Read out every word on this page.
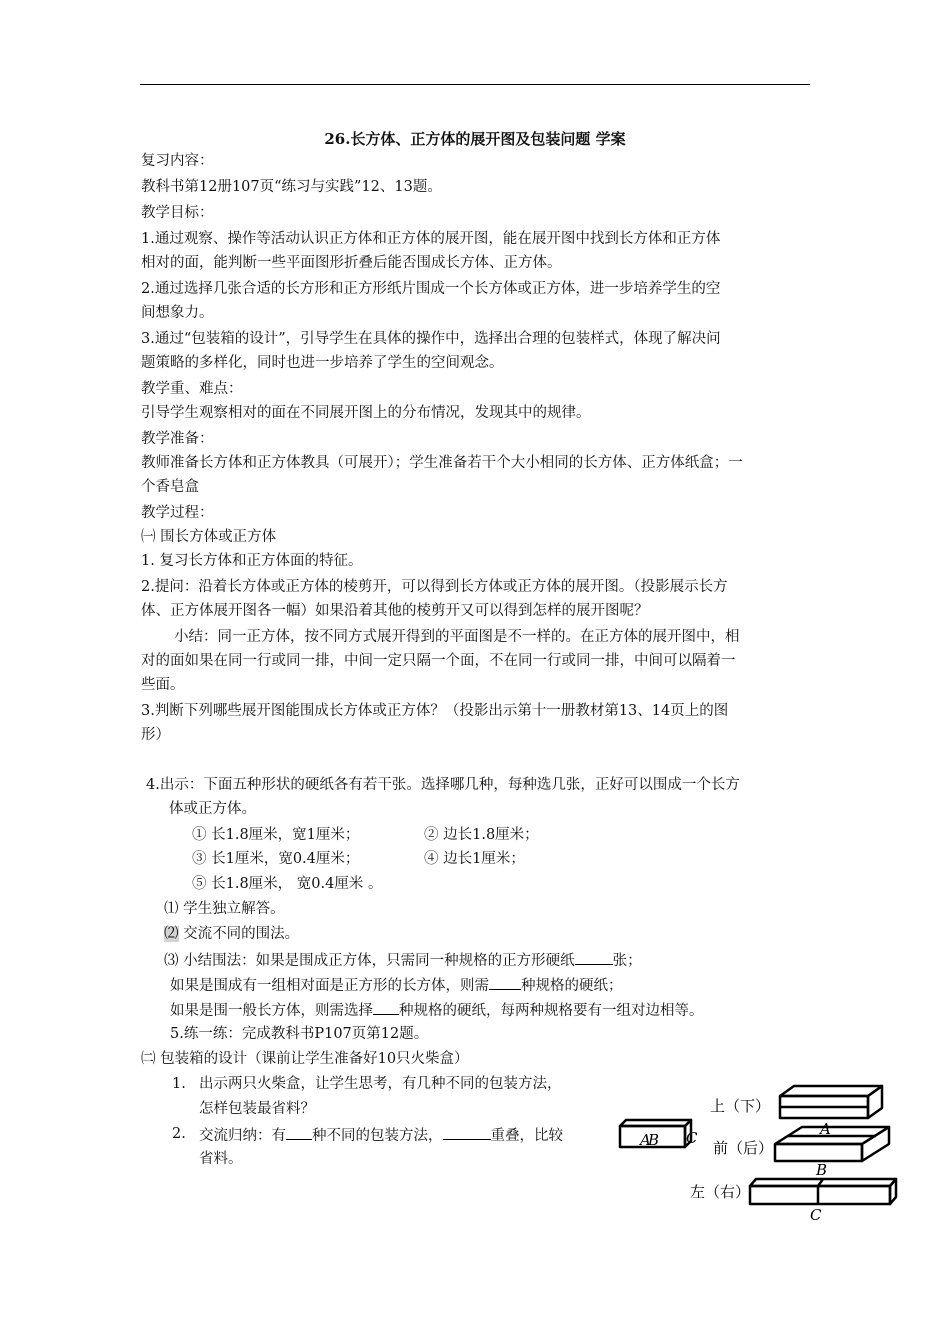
26.长方体、正方体的展开图及包装问题 学案
复习内容：
教科书第12册107页“练习与实践”12、13题。
教学目标：
1.通过观察、操作等活动认识正方体和正方体的展开图，能在展开图中找到长方体和正方体
相对的面，能判断一些平面图形折叠后能否围成长方体、正方体。
2.通过选择几张合适的长方形和正方形纸片围成一个长方体或正方体，进一步培养学生的空
间想象力。
3.通过“包装箱的设计”，引导学生在具体的操作中，选择出合理的包装样式，体现了解决问
题策略的多样化，同时也进一步培养了学生的空间观念。
教学重、难点：
引导学生观察相对的面在不同展开图上的分布情况，发现其中的规律。
教学准备：
教师准备长方体和正方体教具（可展开）；学生准备若干个大小相同的长方体、正方体纸盒；一
个香皂盒
教学过程：
㈠ 围长方体或正方体
1. 复习长方体和正方体面的特征。
2.提问：沿着长方体或正方体的棱剪开，可以得到长方体或正方体的展开图。（投影展示长方
体、正方体展开图各一幅）如果沿着其他的棱剪开又可以得到怎样的展开图呢？
小结：同一正方体，按不同方式展开得到的平面图是不一样的。在正方体的展开图中，相
对的面如果在同一行或同一排，中间一定只隔一个面，不在同一行或同一排，中间可以隔着一
些面。
3.判断下列哪些展开图能围成长方体或正方体？（投影出示第十一册教材第13、14页上的图
形）
4.出示：下面五种形状的硬纸各有若干张。选择哪几种，每种选几张，正好可以围成一个长方
体或正方体。
① 长1.8厘米，宽1厘米；	② 边长1.8厘米；
③ 长1厘米，宽0.4厘米；	④ 边长1厘米；
⑤ 长1.8厘米， 宽0.4厘米 。
⑴ 学生独立解答。
⑵ 交流不同的围法。
⑶ 小结围法：如果是围成正方体，只需同一种规格的正方形硬纸	张；
如果是围成有一组相对面是正方形的长方体，则需 种规格的硬纸；
如果是围一般长方体，则需选择 种规格的硬纸，每两种规格要有一组对边相等。
5.练一练：完成教科书P107页第12题。
㈡ 包装箱的设计（课前让学生准备好10只火柴盒）
1. 出示两只火柴盒，让学生思考，有几种不同的包装方法，
怎样包装最省料？
2. 交流归纳：有 种不同的包装方法，	重叠，比较
省料。
A
B C	A
B
C
上（下）
前（后）
左（右）
